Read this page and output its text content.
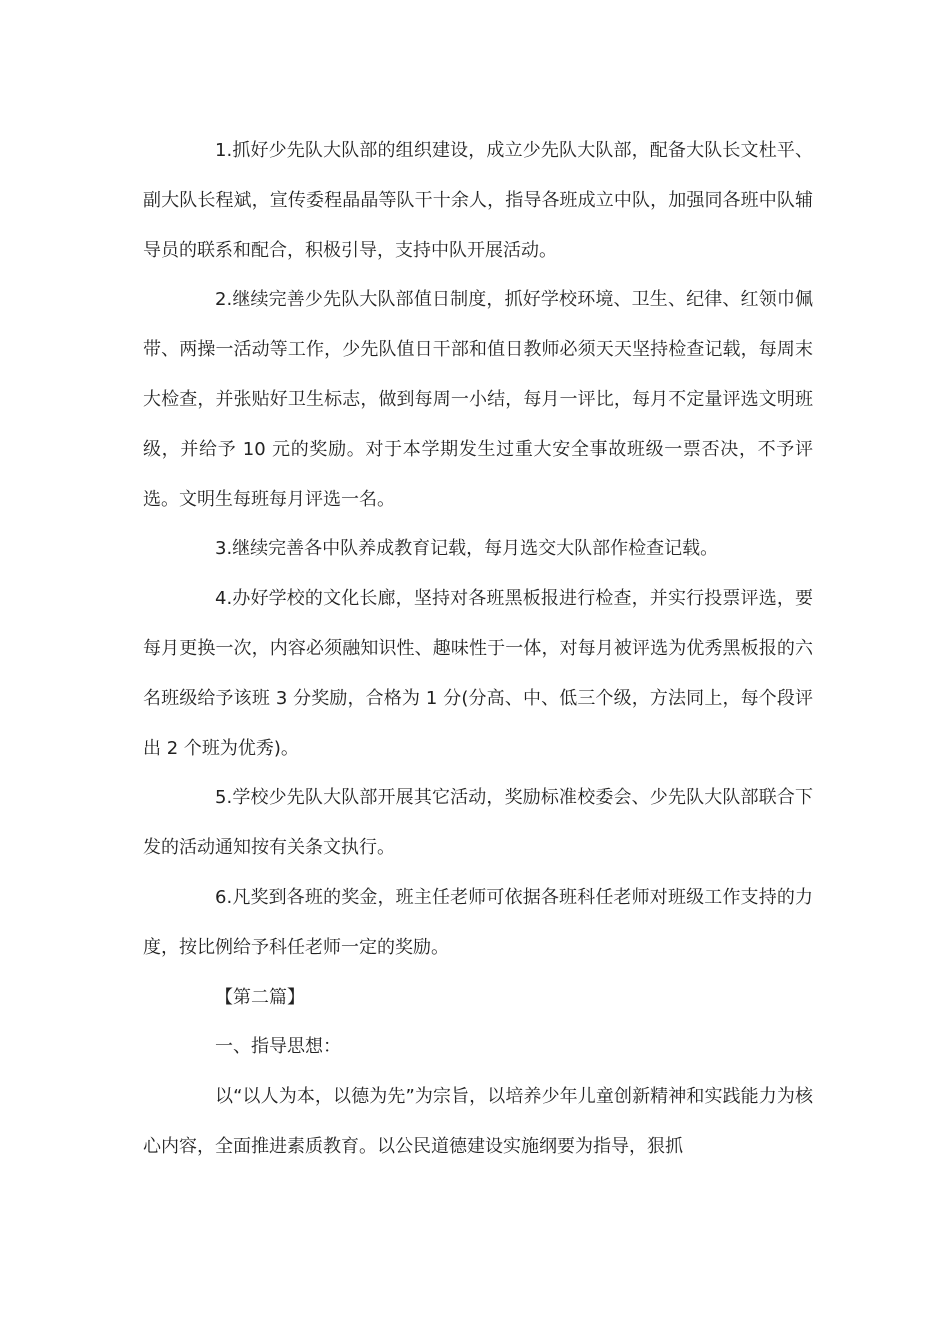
1.抓好少先队大队部的组织建设，成立少先队大队部，配备大队长文杜平、副大队长程斌，宣传委程晶晶等队干十余人，指导各班成立中队，加强同各班中队辅导员的联系和配合，积极引导，支持中队开展活动。

2.继续完善少先队大队部值日制度，抓好学校环境、卫生、纪律、红领巾佩带、两操一活动等工作，少先队值日干部和值日教师必须天天坚持检查记载，每周末大检查，并张贴好卫生标志，做到每周一小结，每月一评比，每月不定量评选文明班级，并给予 10 元的奖励。对于本学期发生过重大安全事故班级一票否决，不予评选。文明生每班每月评选一名。

3.继续完善各中队养成教育记载，每月选交大队部作检查记载。

4.办好学校的文化长廊，坚持对各班黑板报进行检查，并实行投票评选，要每月更换一次，内容必须融知识性、趣味性于一体，对每月被评选为优秀黑板报的六名班级给予该班 3 分奖励，合格为 1 分(分高、中、低三个级，方法同上，每个段评出 2 个班为优秀)。

5.学校少先队大队部开展其它活动，奖励标准校委会、少先队大队部联合下发的活动通知按有关条文执行。

6.凡奖到各班的奖金，班主任老师可依据各班科任老师对班级工作支持的力度，按比例给予科任老师一定的奖励。

【第二篇】

一、指导思想：

以“以人为本，以德为先”为宗旨，以培养少年儿童创新精神和实践能力为核心内容，全面推进素质教育。以公民道德建设实施纲要为指导，狠抓
